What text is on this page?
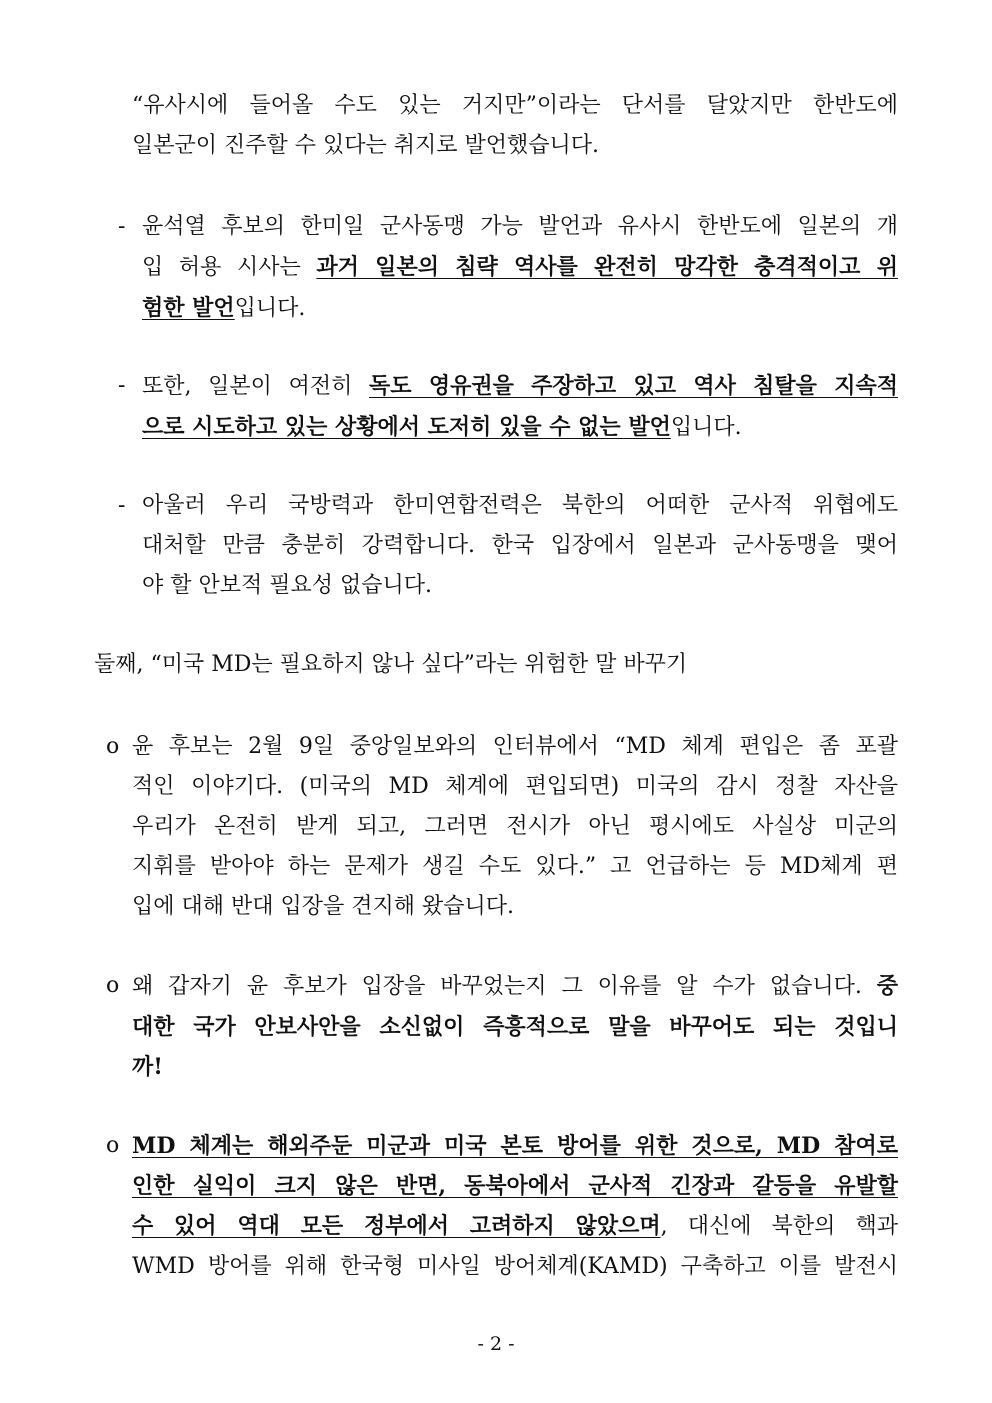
“유사시에 들어올 수도 있는 거지만”이라는 단서를 달았지만 한반도에
일본군이 진주할 수 있다는 취지로 발언했습니다.
- 윤석열 후보의 한미일 군사동맹 가능 발언과 유사시 한반도에 일본의 개
입 허용 시사는 과거 일본의 침략 역사를 완전히 망각한 충격적이고 위
험한 발언입니다.
- 또한, 일본이 여전히 독도 영유권을 주장하고 있고 역사 침탈을 지속적
으로 시도하고 있는 상황에서 도저히 있을 수 없는 발언입니다.
- 아울러 우리 국방력과 한미연합전력은 북한의 어떠한 군사적 위협에도
대처할 만큼 충분히 강력합니다. 한국 입장에서 일본과 군사동맹을 맺어
야 할 안보적 필요성 없습니다.
둘째, “미국 MD는 필요하지 않나 싶다”라는 위험한 말 바꾸기
o 윤 후보는 2월 9일 중앙일보와의 인터뷰에서 “MD 체계 편입은 좀 포괄
적인 이야기다. (미국의 MD 체계에 편입되면) 미국의 감시 정찰 자산을
우리가 온전히 받게 되고, 그러면 전시가 아닌 평시에도 사실상 미군의
지휘를 받아야 하는 문제가 생길 수도 있다.” 고 언급하는 등 MD체계 편
입에 대해 반대 입장을 견지해 왔습니다.
o 왜 갑자기 윤 후보가 입장을 바꾸었는지 그 이유를 알 수가 없습니다. 중
대한 국가 안보사안을 소신없이 즉흥적으로 말을 바꾸어도 되는 것입니
까!
o MD 체계는 해외주둔 미군과 미국 본토 방어를 위한 것으로, MD 참여로
인한 실익이 크지 않은 반면, 동북아에서 군사적 긴장과 갈등을 유발할
수 있어 역대 모든 정부에서 고려하지 않았으며, 대신에 북한의 핵과
WMD 방어를 위해 한국형 미사일 방어체계(KAMD) 구축하고 이를 발전시
- 2 -
